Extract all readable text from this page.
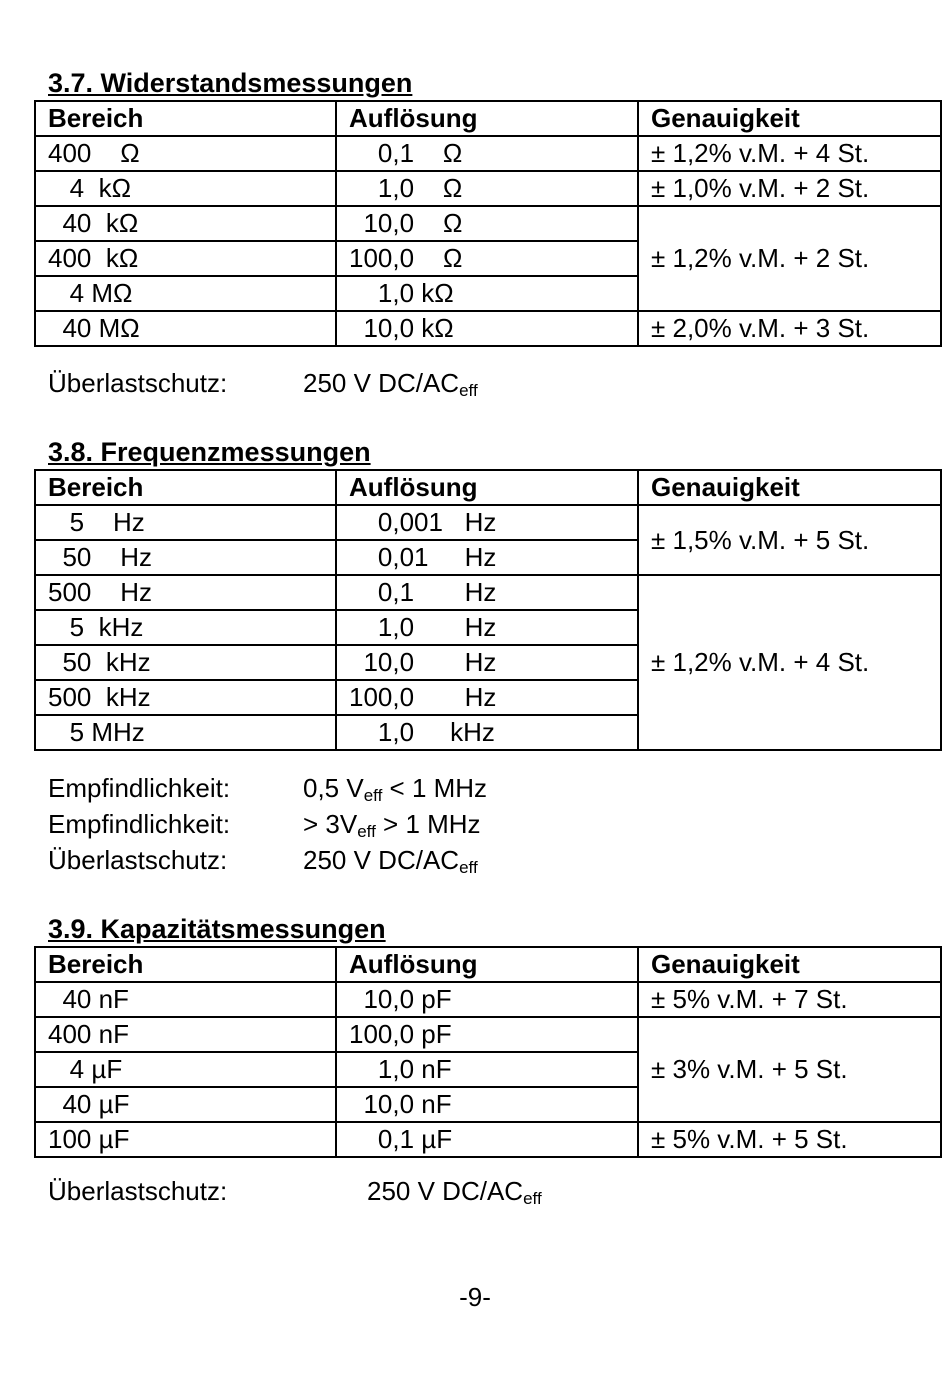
3.7. Widerstandsmessungen
Bereich	Auflösung	Genauigkeit
400    Ω	0,1    Ω	± 1,2% v.M. + 4 St.
4  kΩ	1,0    Ω	± 1,0% v.M. + 2 St.
40  kΩ	10,0    Ω	± 1,2% v.M. + 2 St.
400  kΩ	100,0    Ω	
4 MΩ	1,0 kΩ	
40 MΩ	10,0 kΩ	± 2,0% v.M. + 3 St.
Überlastschutz:	250 V $DC/AC_{eff}$
3.8. Frequenzmessungen
Bereich	Auflösung	Genauigkeit
5    Hz	0,001   Hz	± 1,5% v.M. + 5 St.
50    Hz	0,01     Hz	
500    Hz	0,1       Hz	± 1,2% v.M. + 4 St.
5  kHz	1,0       Hz	
50  kHz	10,0       Hz	
500  kHz	100,0       Hz	
5 MHz	1,0     kHz	
Empfindlichkeit:	0,5 $V_{eff} < 1$ MHz
Empfindlichkeit:	> $3V_{eff} > 1$ MHz
Überlastschutz:	250 V $DC/AC_{eff}$
3.9. Kapazitätsmessungen
Bereich	Auflösung	Genauigkeit
40 nF	10,0 pF	± 5% v.M. + 7 St.
400 nF	100,0 pF	± 3% v.M. + 5 St.
4 µF	1,0 nF	
40 µF	10,0 nF	
100 µF	0,1 µF	± 5% v.M. + 5 St.
Überlastschutz:	250 V $DC/AC_{eff}$
-9-
